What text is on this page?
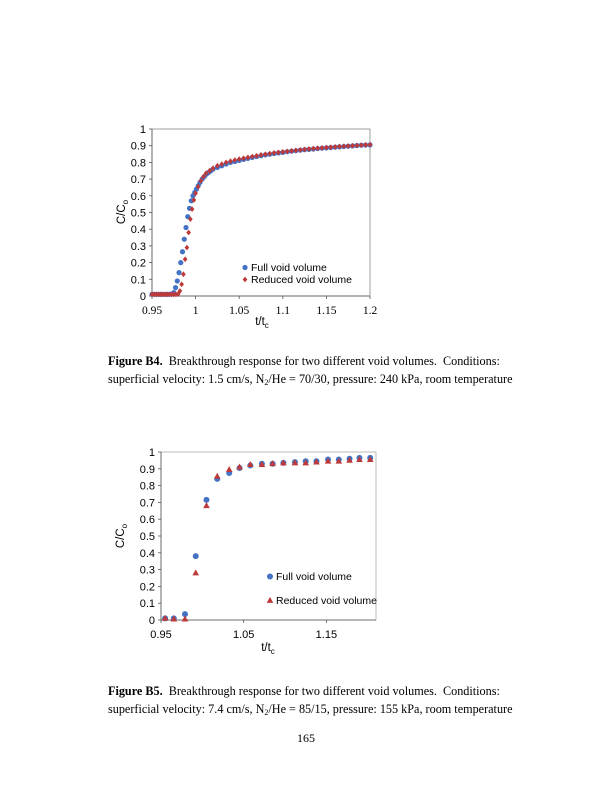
0
0.1
0.2
0.3
0.4
0.5
0.6
0.7
0.8
0.9
1
0.95	1	1.05 1.1 1.15 1.2
$t/t_c$
$C/C_o$
Full void volume
Reduced void volume
0
0.1
0.2
0.3
0.4
0.5
0.6
0.7
0.8
0.9
1
0.95	1.05	1.15
$t/t_c$
$C/C_o$
Full void volume
Reduced void volume
Figure B4.  Breakthrough response for two different void volumes.  Conditions:
superficial velocity: 1.5 cm/s, $N_2/He = 70/30$, pressure: 240 kPa, room temperature
Figure B5.  Breakthrough response for two different void volumes.  Conditions:
superficial velocity: 7.4 cm/s, $N_2/He = 85/15$, pressure: 155 kPa, room temperature
165
